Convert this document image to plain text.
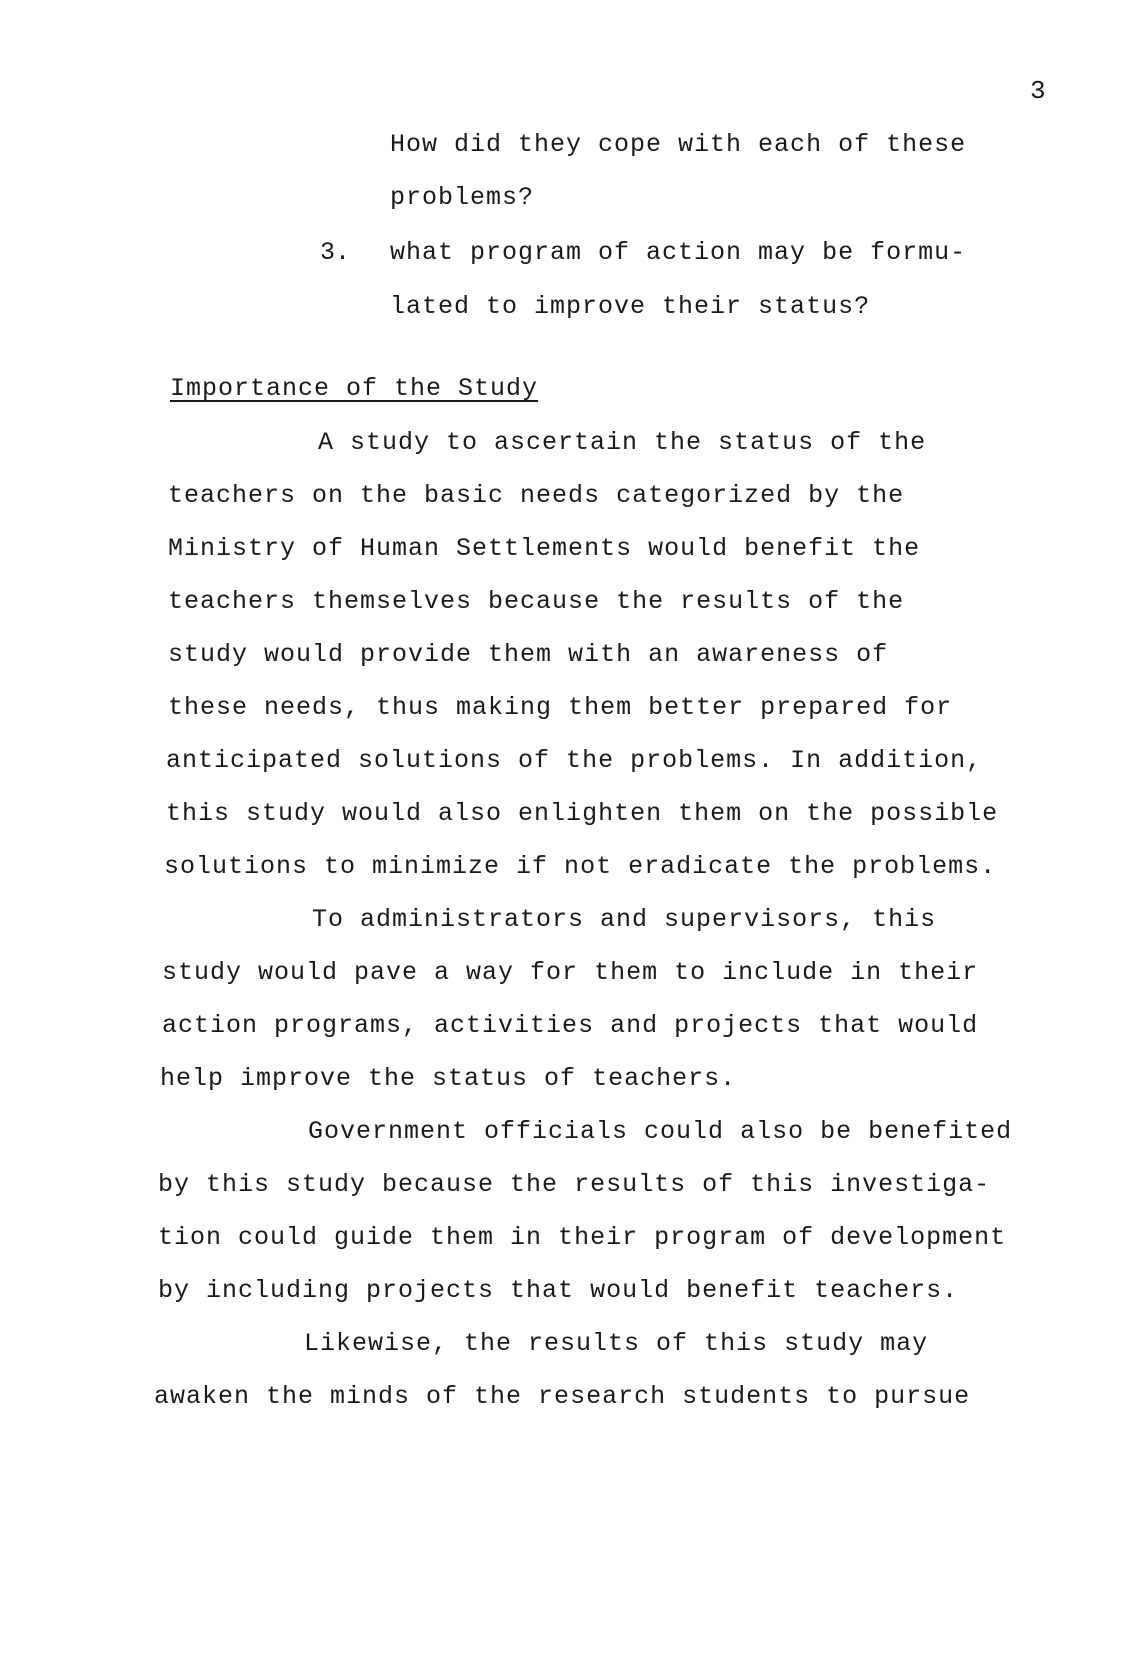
3
How did they cope with each of these
problems?
3. what program of action may be formu-
lated to improve their status?
Importance of the Study
A study to ascertain the status of the
teachers on the basic needs categorized by the
Ministry of Human Settlements would benefit the
teachers themselves because the results of the
study would provide them with an awareness of
these needs, thus making them better prepared for
anticipated solutions of the problems. In addition,
this study would also enlighten them on the possible
solutions to minimize if not eradicate the problems.
To administrators and supervisors, this
study would pave a way for them to include in their
action programs, activities and projects that would
help improve the status of teachers.
Government officials could also be benefited
by this study because the results of this investiga-
tion could guide them in their program of development
by including projects that would benefit teachers.
Likewise, the results of this study may
awaken the minds of the research students to pursue
